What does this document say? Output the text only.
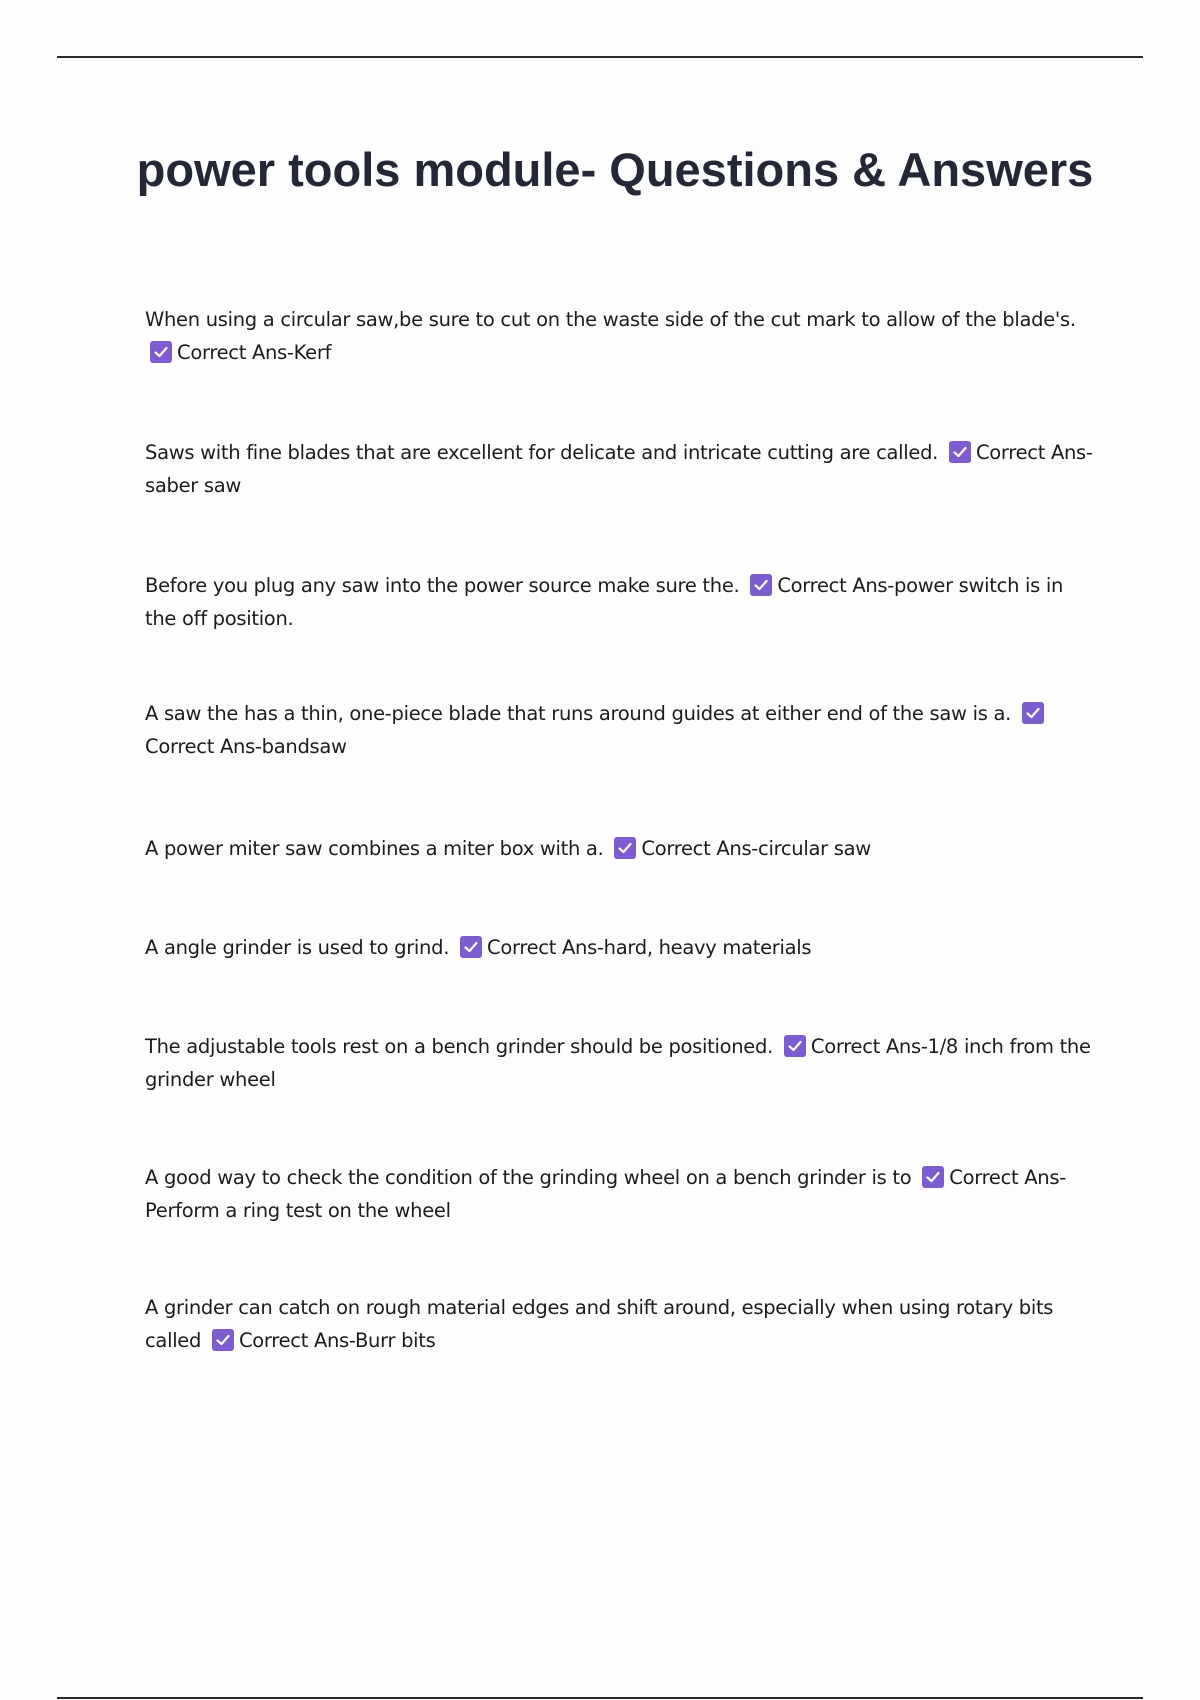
power tools module- Questions & Answers

When using a circular saw,be sure to cut on the waste side of the cut mark to allow of the blade's.
Correct Ans-Kerf

Saws with fine blades that are excellent for delicate and intricate cutting are called.
Correct Ans-saber saw

Before you plug any saw into the power source make sure the.
Correct Ans-power switch is in the off position.

A saw the has a thin, one-piece blade that runs around guides at either end of the saw is a.
Correct Ans-bandsaw

A power miter saw combines a miter box with a.
Correct Ans-circular saw

A angle grinder is used to grind.
Correct Ans-hard, heavy materials

The adjustable tools rest on a bench grinder should be positioned.
Correct Ans-1/8 inch from the grinder wheel

A good way to check the condition of the grinding wheel on a bench grinder is to
Correct Ans-Perform a ring test on the wheel

A grinder can catch on rough material edges and shift around, especially when using rotary bits called
Correct Ans-Burr bits
